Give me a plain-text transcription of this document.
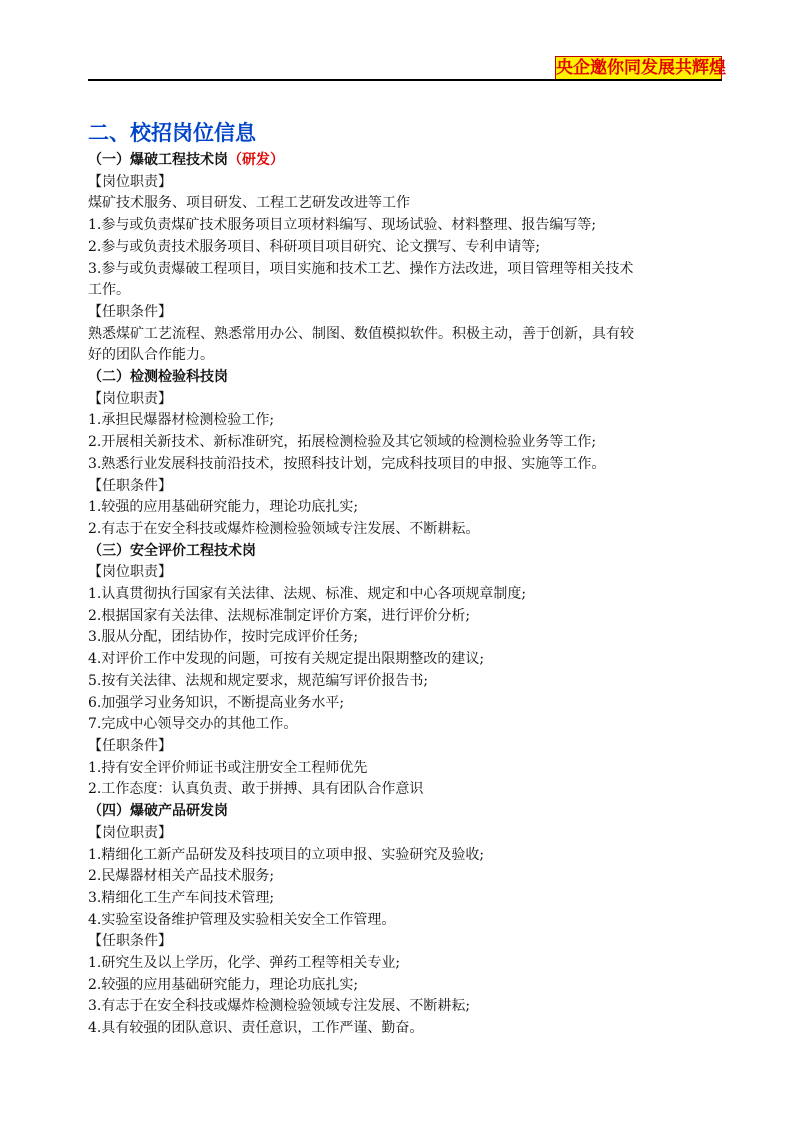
央企邀你同发展共辉煌
二、校招岗位信息
（一）爆破工程技术岗（研发）
【岗位职责】
煤矿技术服务、项目研发、工程工艺研发改进等工作
1.参与或负责煤矿技术服务项目立项材料编写、现场试验、材料整理、报告编写等;
2.参与或负责技术服务项目、科研项目项目研究、论文撰写、专利申请等;
3.参与或负责爆破工程项目，项目实施和技术工艺、操作方法改进，项目管理等相关技术
工作。
【任职条件】
熟悉煤矿工艺流程、熟悉常用办公、制图、数值模拟软件。积极主动，善于创新，具有较
好的团队合作能力。
（二）检测检验科技岗
【岗位职责】
1.承担民爆器材检测检验工作;
2.开展相关新技术、新标准研究，拓展检测检验及其它领域的检测检验业务等工作;
3.熟悉行业发展科技前沿技术，按照科技计划，完成科技项目的申报、实施等工作。
【任职条件】
1.较强的应用基础研究能力，理论功底扎实;
2.有志于在安全科技或爆炸检测检验领域专注发展、不断耕耘。
（三）安全评价工程技术岗
【岗位职责】
1.认真贯彻执行国家有关法律、法规、标准、规定和中心各项规章制度;
2.根据国家有关法律、法规标准制定评价方案，进行评价分析;
3.服从分配，团结协作，按时完成评价任务;
4.对评价工作中发现的问题，可按有关规定提出限期整改的建议;
5.按有关法律、法规和规定要求，规范编写评价报告书;
6.加强学习业务知识，不断提高业务水平;
7.完成中心领导交办的其他工作。
【任职条件】
1.持有安全评价师证书或注册安全工程师优先
2.工作态度：认真负责、敢于拼搏、具有团队合作意识
（四）爆破产品研发岗
【岗位职责】
1.精细化工新产品研发及科技项目的立项申报、实验研究及验收;
2.民爆器材相关产品技术服务;
3.精细化工生产车间技术管理;
4.实验室设备维护管理及实验相关安全工作管理。
【任职条件】
1.研究生及以上学历，化学、弹药工程等相关专业;
2.较强的应用基础研究能力，理论功底扎实;
3.有志于在安全科技或爆炸检测检验领域专注发展、不断耕耘;
4.具有较强的团队意识、责任意识，工作严谨、勤奋。
